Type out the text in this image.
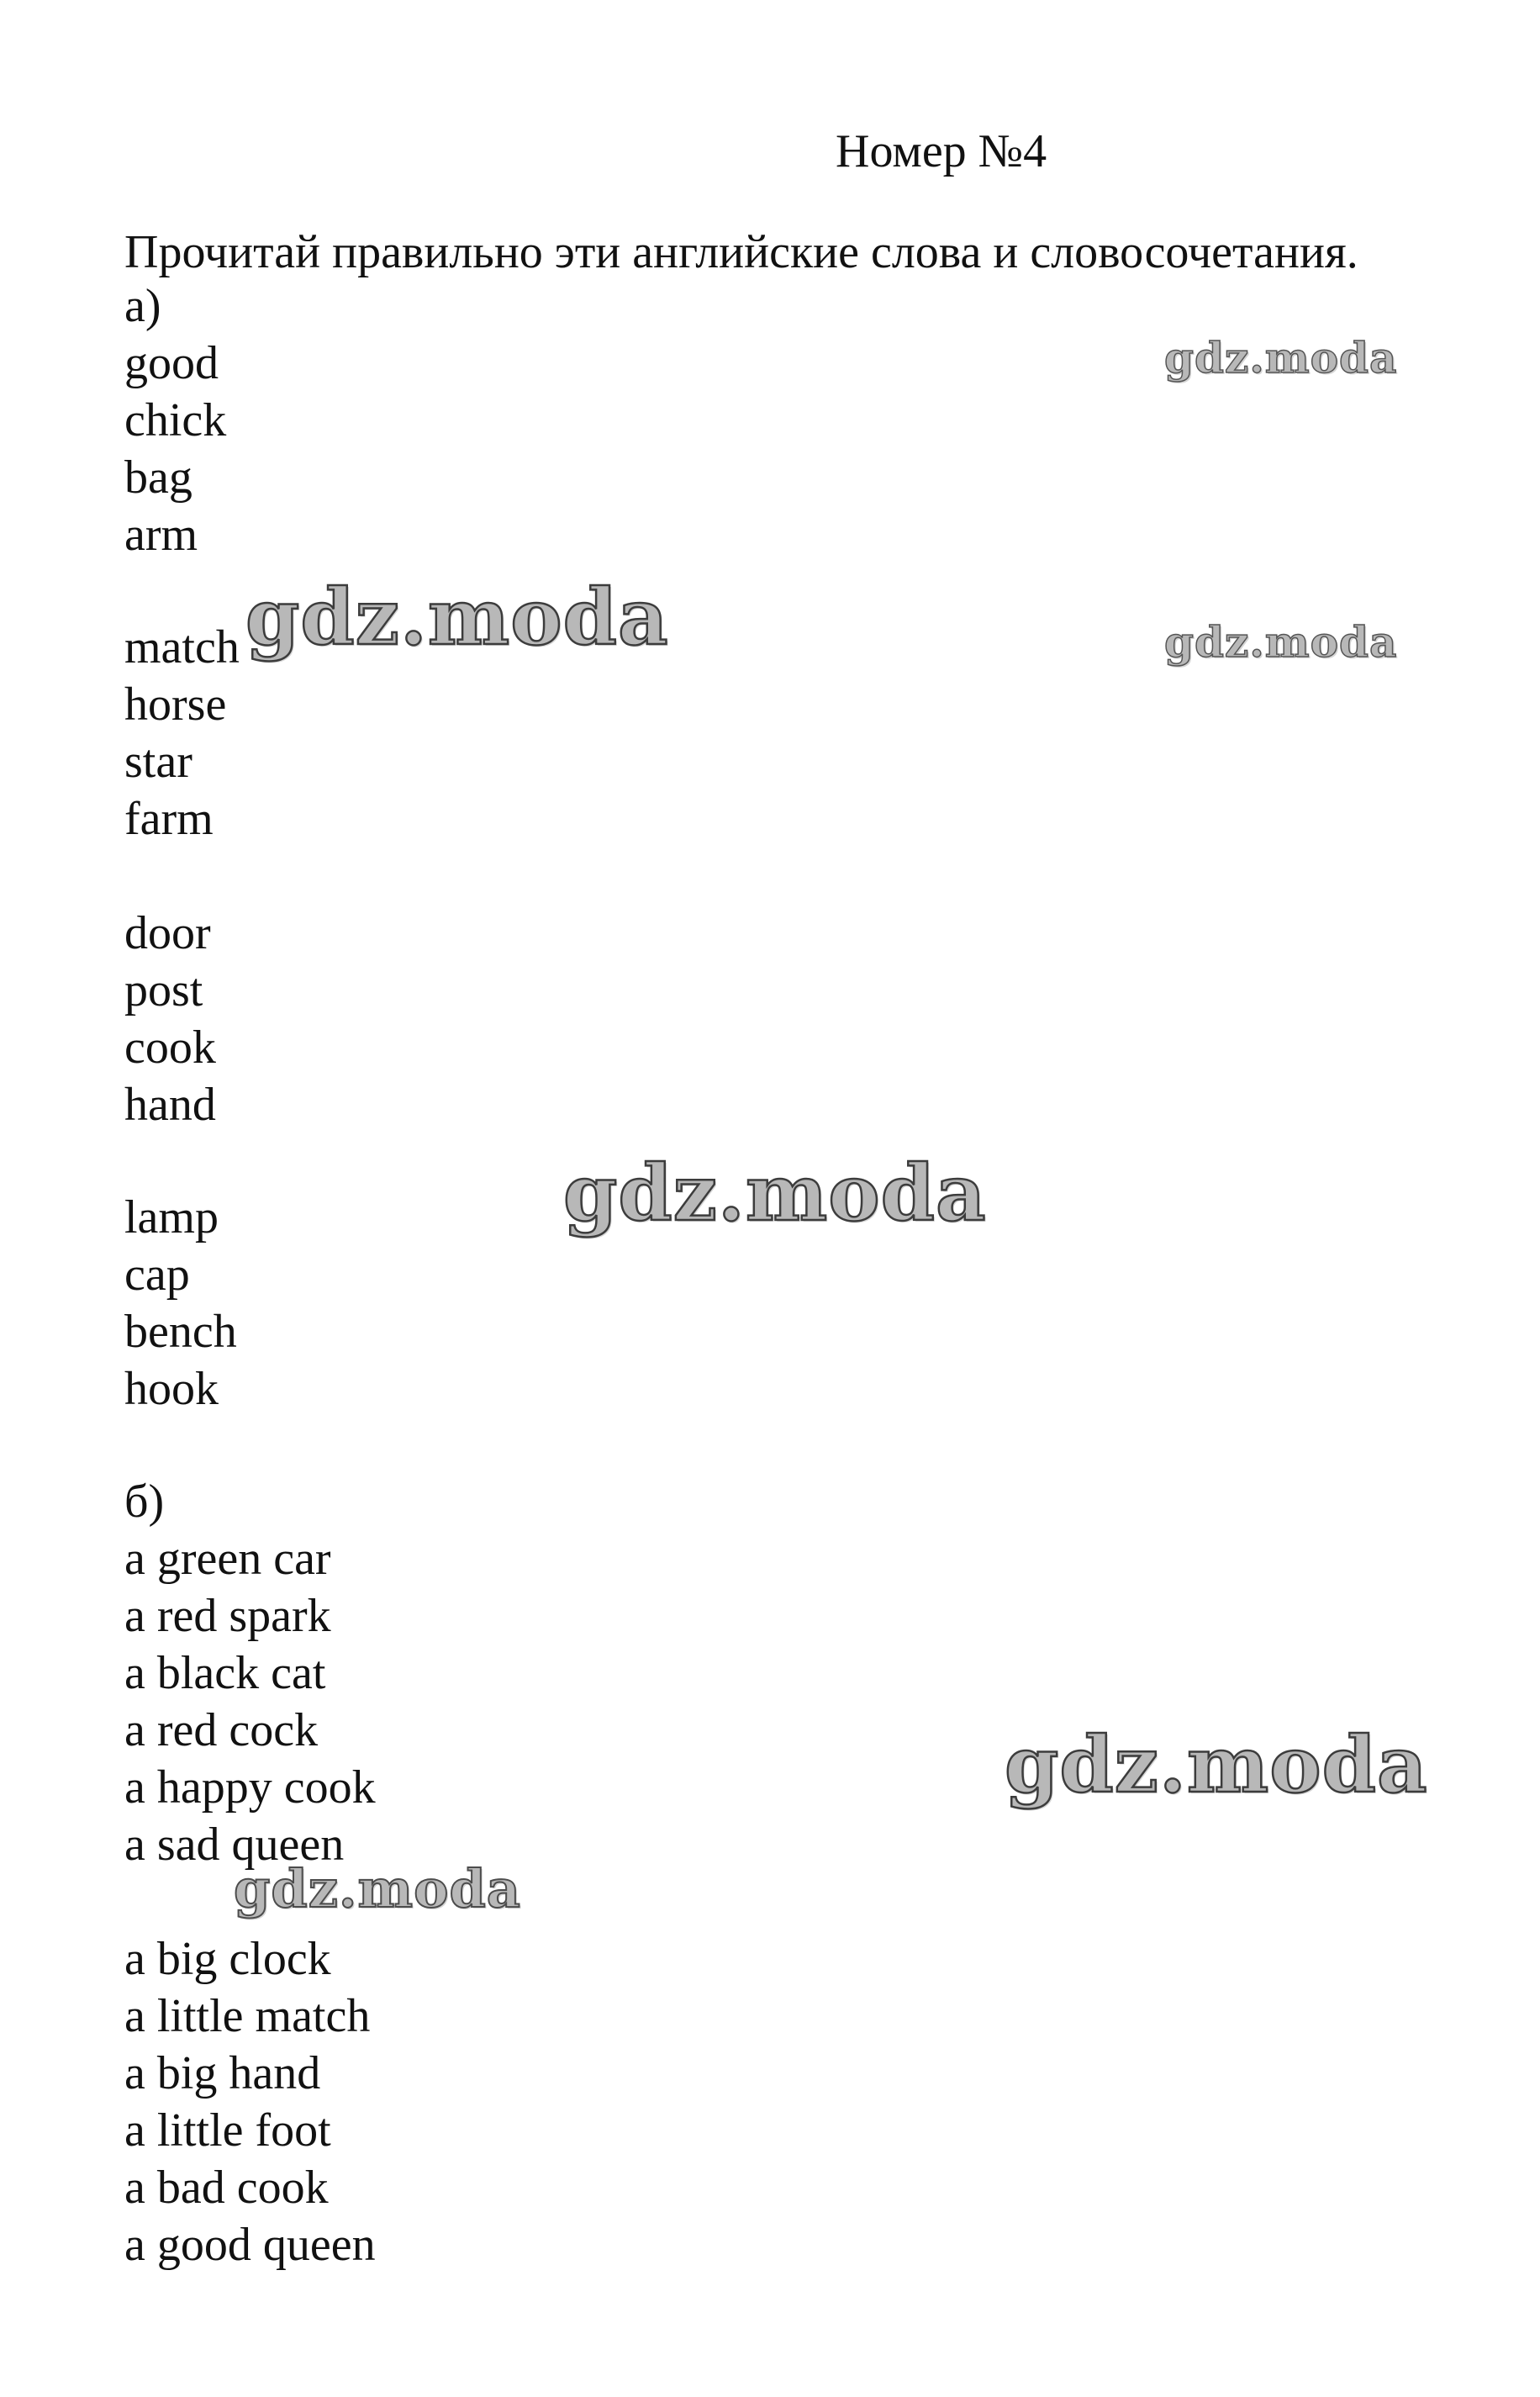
Номер №4
Прочитай правильно эти английские слова и словосочетания.
а)
good
chick
bag
arm
match
horse
star
farm
door
post
cook
hand
lamp
cap
bench
hook
б)
a green car
a red spark
a black cat
a red cock
a happy cook
a sad queen
a big clock
a little match
a big hand
a little foot
a bad cook
a good queen
gdz.moda
gdz.moda	gdz.moda
gdz.moda
gdz.moda
gdz.moda
